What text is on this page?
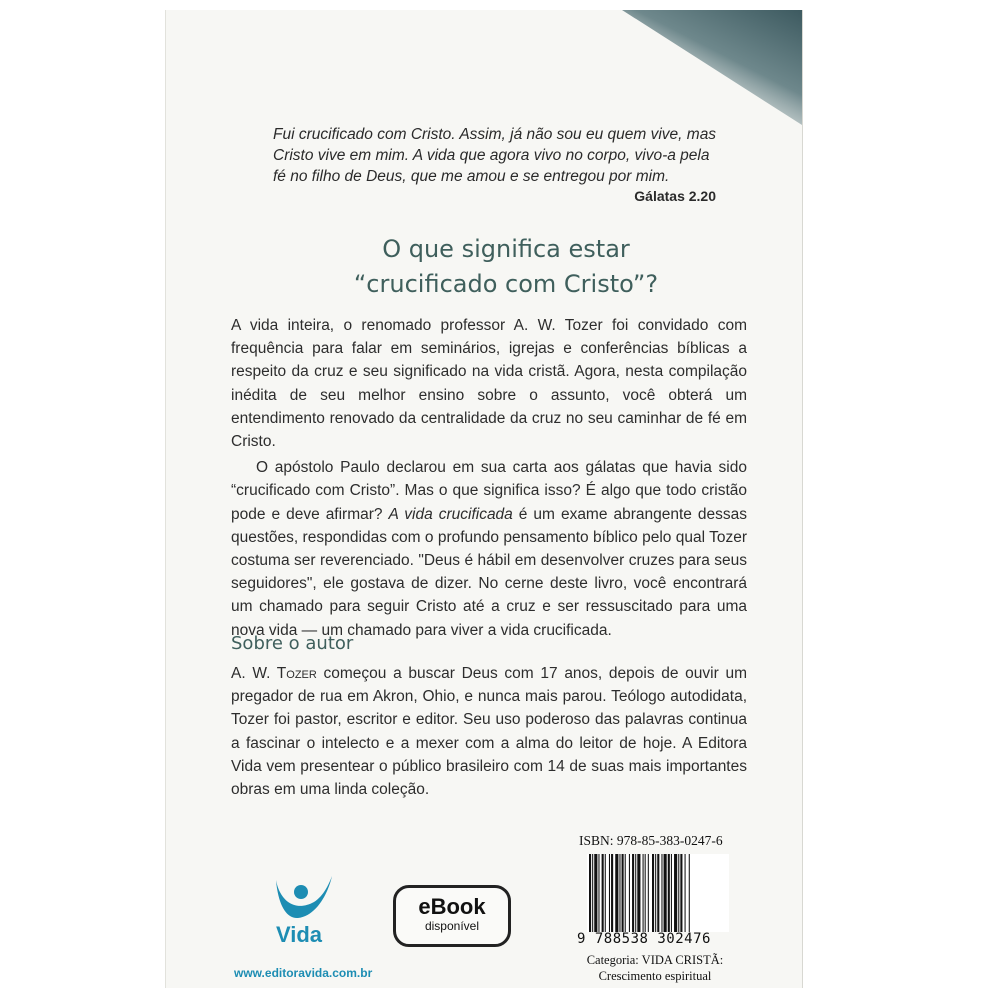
Fui crucificado com Cristo. Assim, já não sou eu quem vive, mas
Cristo vive em mim. A vida que agora vivo no corpo, vivo-a pela
fé no filho de Deus, que me amou e se entregou por mim.
Gálatas 2.20
O que significa estar
“crucificado com Cristo”?

A vida inteira, o renomado professor A. W. Tozer foi convidado com frequência para falar em seminários, igrejas e conferências bíblicas a respeito da cruz e seu significado na vida cristã. Agora, nesta compilação inédita de seu melhor ensino sobre o assunto, você obterá um entendimento renovado da centralidade da cruz no seu caminhar de fé em Cristo.

O apóstolo Paulo declarou em sua carta aos gálatas que havia sido “crucificado com Cristo”. Mas o que significa isso? É algo que todo cristão pode e deve afirmar? A vida crucificada é um exame abrangente dessas questões, respondidas com o profundo pensamento bíblico pelo qual Tozer costuma ser reverenciado. "Deus é hábil em desenvolver cruzes para seus seguidores", ele gostava de dizer. No cerne deste livro, você encontrará um chamado para seguir Cristo até a cruz e ser ressuscitado para uma nova vida — um chamado para viver a vida crucificada.

Sobre o autor

A. W. Tozer começou a buscar Deus com 17 anos, depois de ouvir um pregador de rua em Akron, Ohio, e nunca mais parou. Teólogo autodidata, Tozer foi pastor, escritor e editor. Seu uso poderoso das palavras continua a fascinar o intelecto e a mexer com a alma do leitor de hoje. A Editora Vida vem presentear o público brasileiro com 14 de suas mais importantes obras em uma linda coleção.

Vida
www.editoravida.com.br
eBook
disponível
ISBN: 978-85-383-0247-6
9 788538 302476
Categoria: VIDA CRISTÃ:
Crescimento espiritual
